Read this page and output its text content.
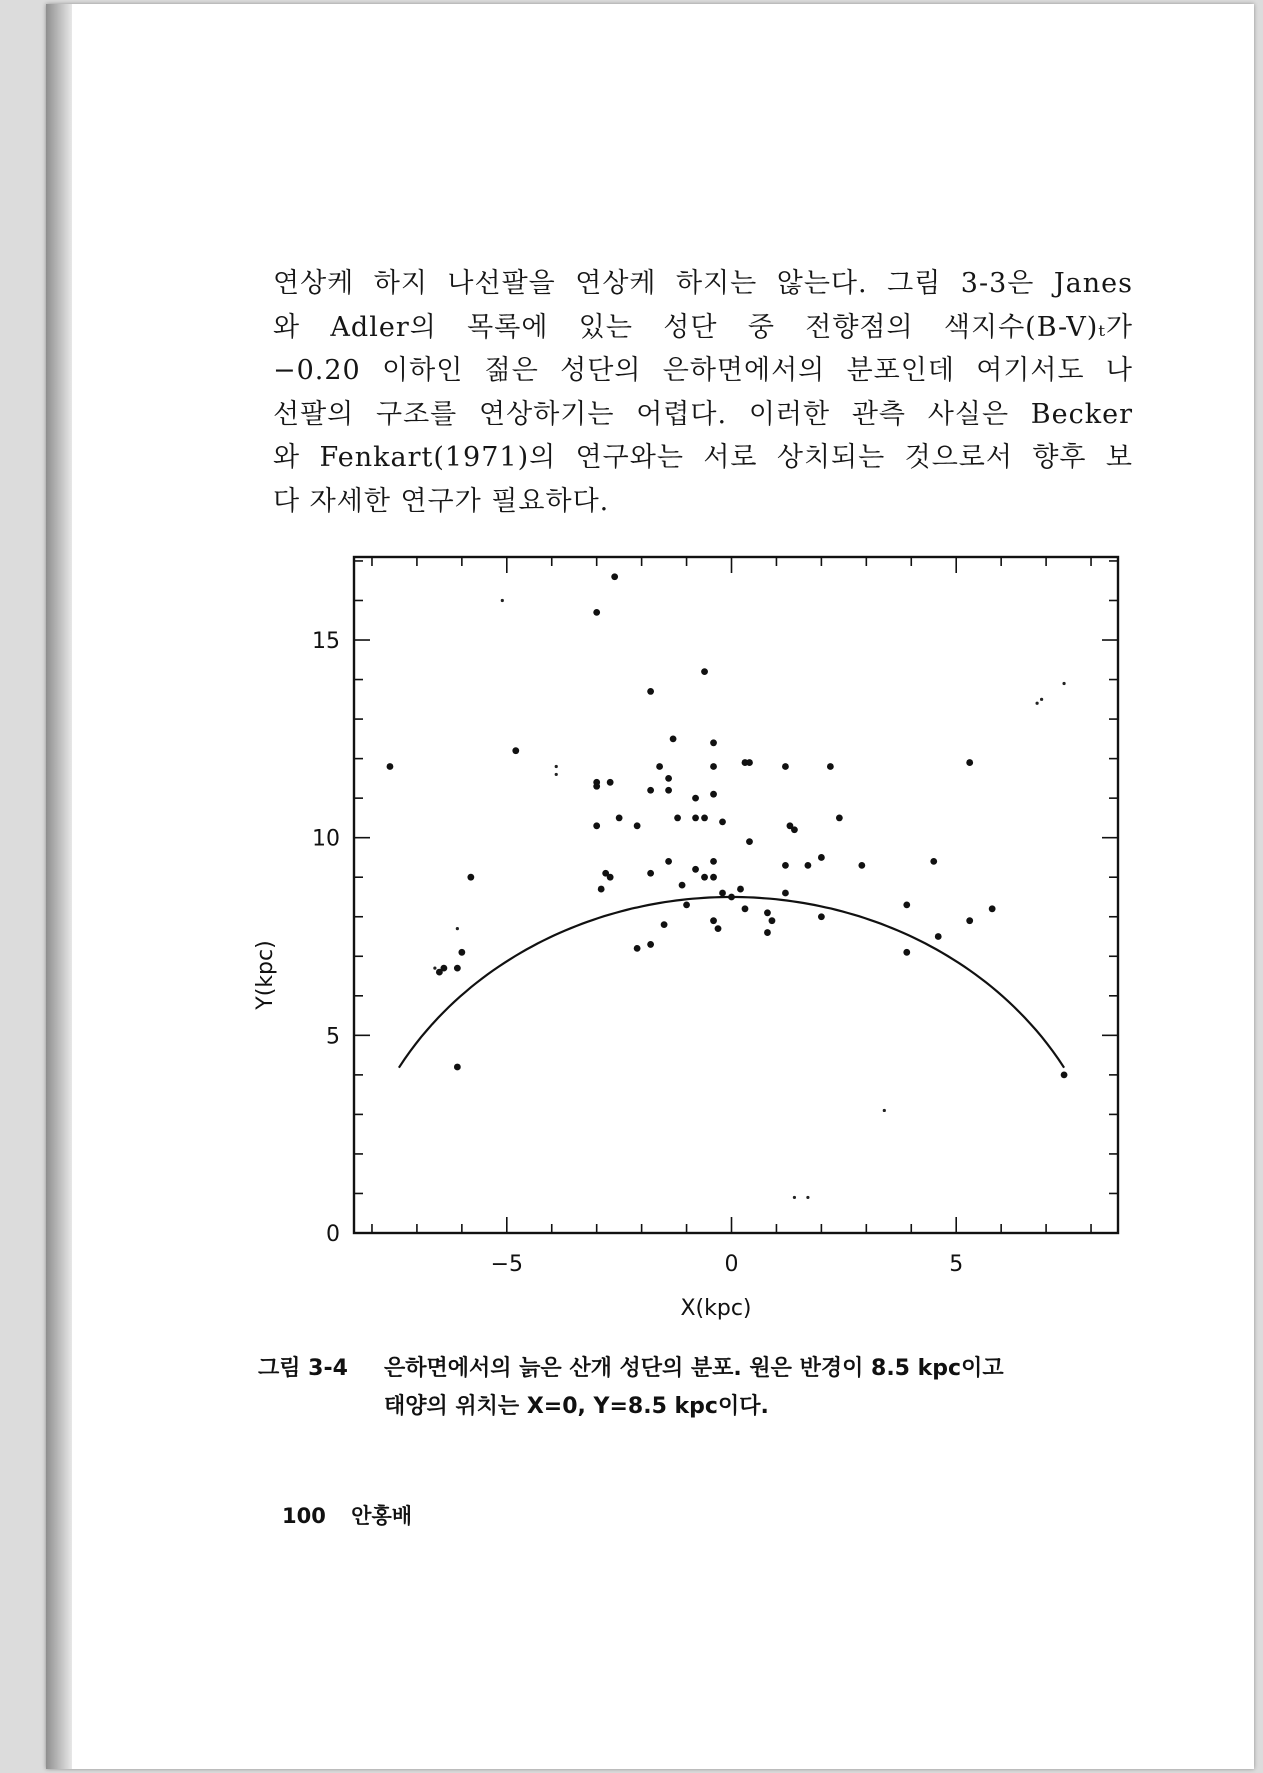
연상케 하지 나선팔을 연상케 하지는 않는다. 그림 3-3은 Janes
와 Adler의 목록에 있는 성단 중 전향점의 색지수(B-V)ₜ가
−0.20 이하인 젊은 성단의 은하면에서의 분포인데 여기서도 나
선팔의 구조를 연상하기는 어렵다. 이러한 관측 사실은 Becker
와 Fenkart(1971)의 연구와는 서로 상치되는 것으로서 향후 보
다 자세한 연구가 필요하다.
−5	0	5
0
5
10
15
X(kpc)
Y(kpc)
그림 3-4 은하면에서의 늙은 산개 성단의 분포. 원은 반경이 8.5 kpc이고
태양의 위치는 X=0, Y=8.5 kpc이다.
100 안홍배
